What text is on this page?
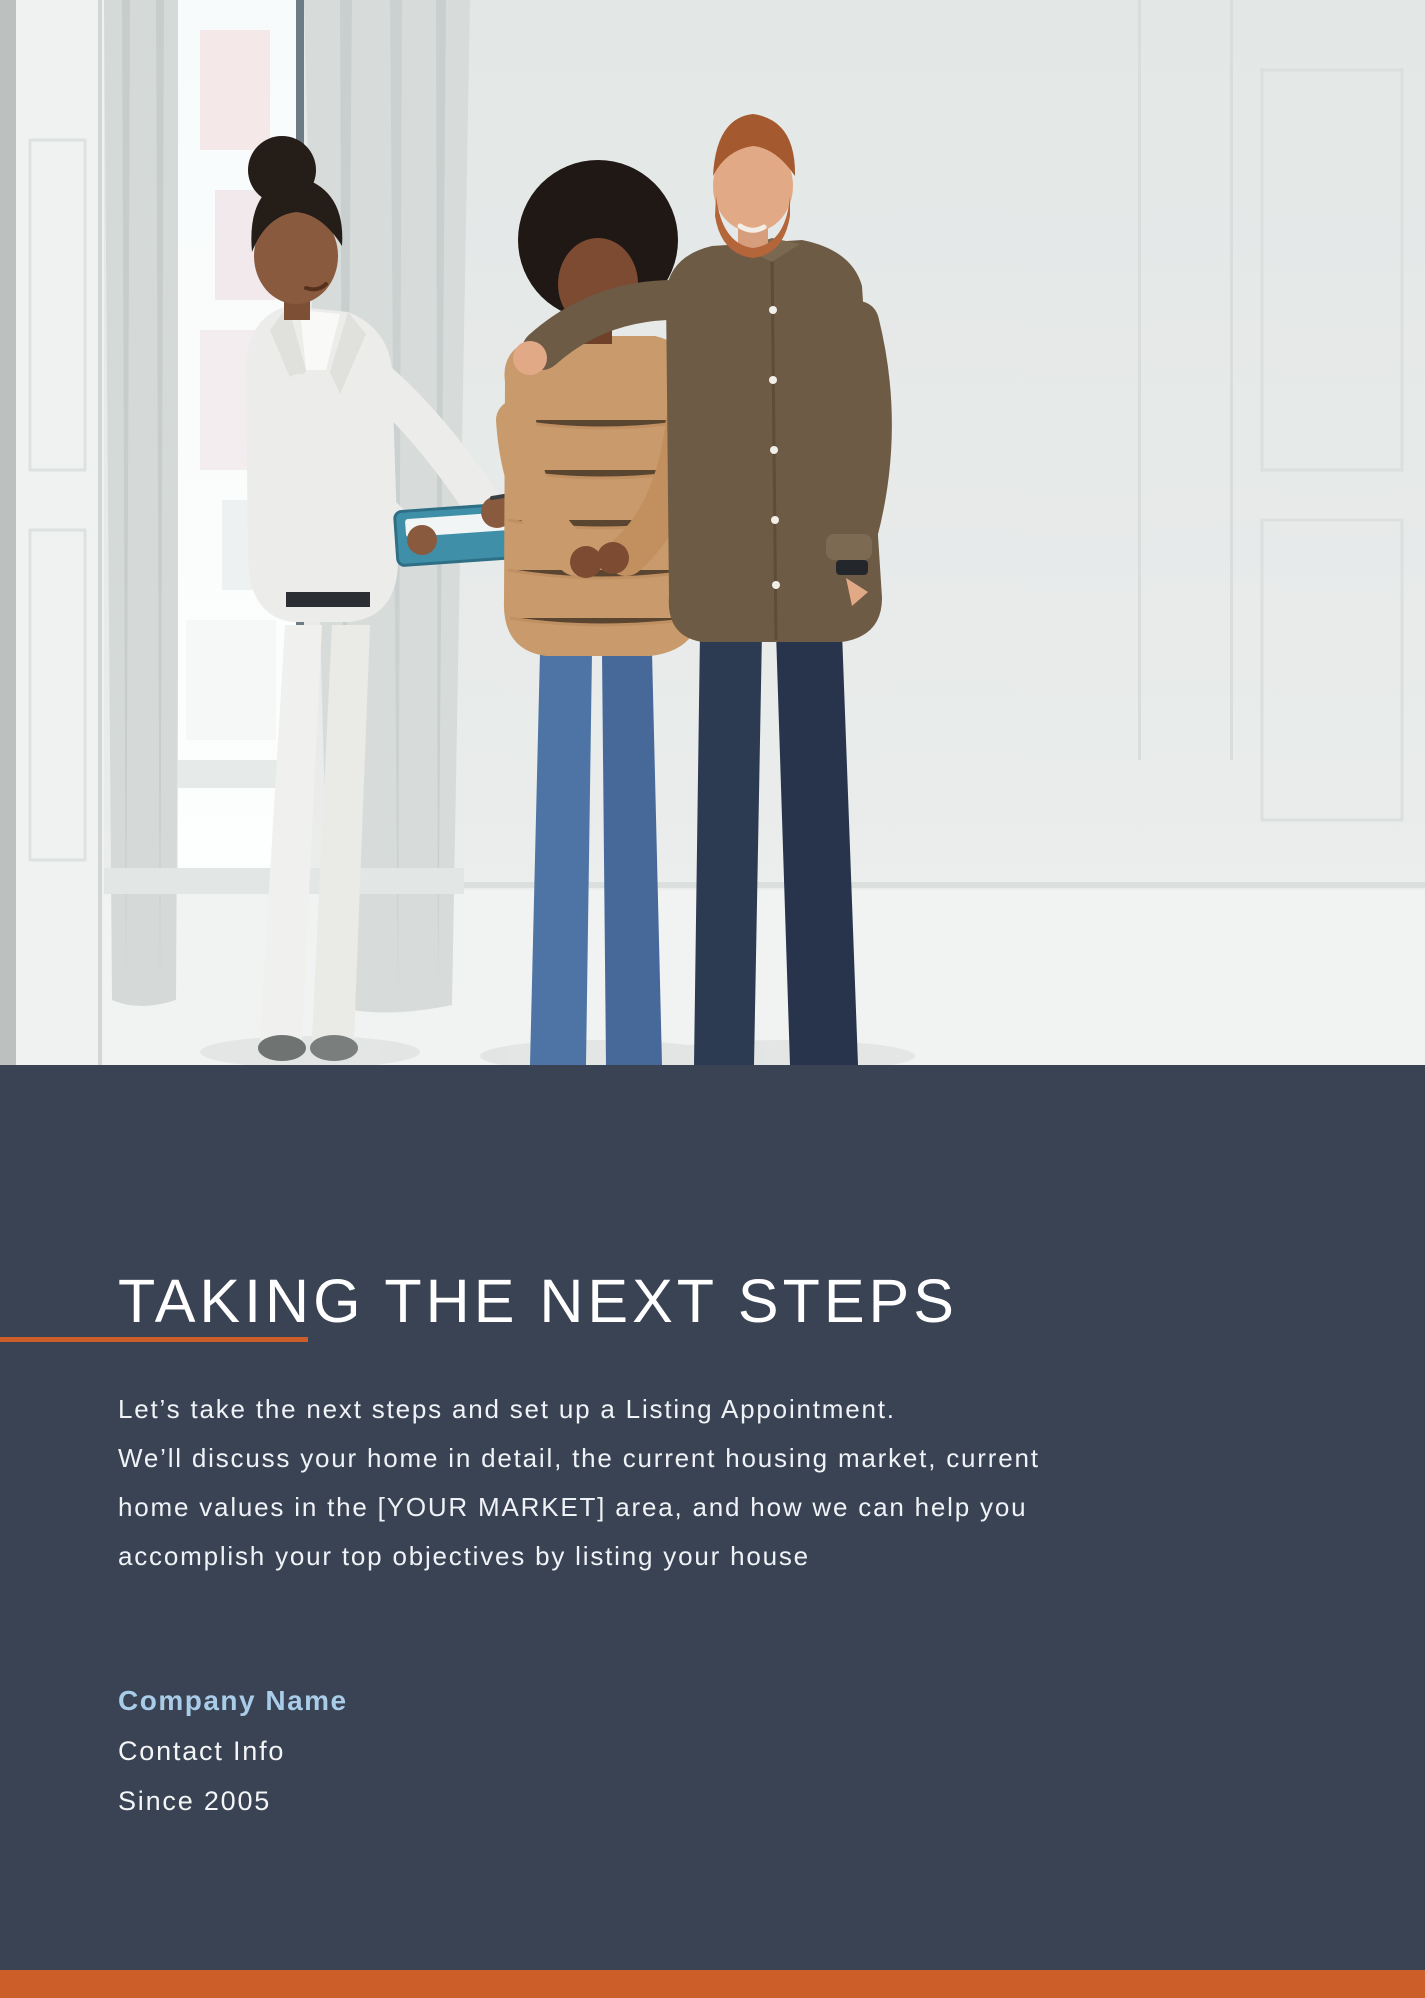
TAKING THE NEXT STEPS
Let’s take the next steps and set up a Listing Appointment.
We’ll discuss your home in detail, the current housing market, current
home values in the [YOUR MARKET] area, and how we can help you
accomplish your top objectives by listing your house
Company Name
Contact Info
Since 2005
